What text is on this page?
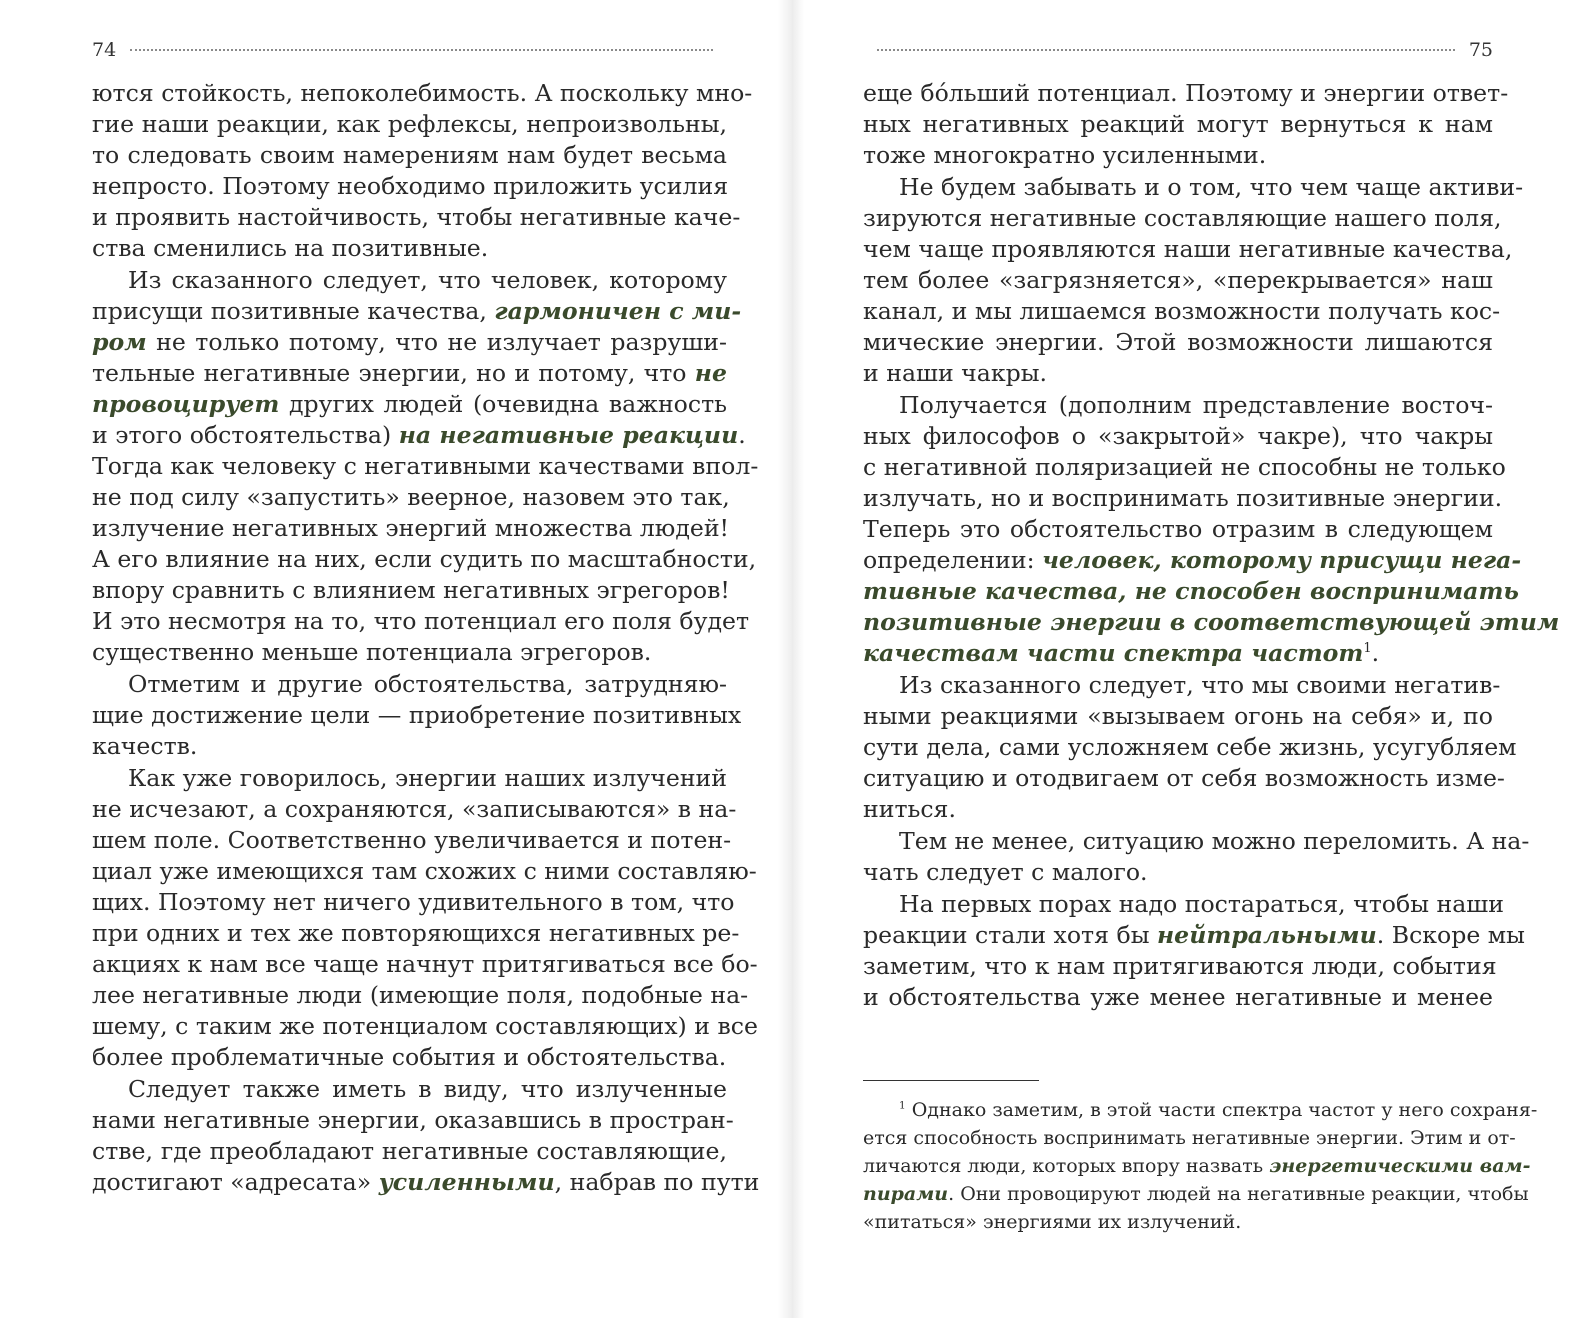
74
ются стойкость, непоколебимость. А поскольку мно-
гие наши реакции, как рефлексы, непроизвольны,
то следовать своим намерениям нам будет весьма
непросто. Поэтому необходимо приложить усилия
и проявить настойчивость, чтобы негативные каче-
ства сменились на позитивные.
Из сказанного следует, что человек, которому
присущи позитивные качества, гармоничен с ми-
ром не только потому, что не излучает разруши-
тельные негативные энергии, но и потому, что не
провоцирует других людей (очевидна важность
и этого обстоятельства) на негативные реакции.
Тогда как человеку с негативными качествами впол-
не под силу «запустить» веерное, назовем это так,
излучение негативных энергий множества людей!
А его влияние на них, если судить по масштабности,
впору сравнить с влиянием негативных эгрегоров!
И это несмотря на то, что потенциал его поля будет
существенно меньше потенциала эгрегоров.
Отметим и другие обстоятельства, затрудняю-
щие достижение цели — приобретение позитивных
качеств.
Как уже говорилось, энергии наших излучений
не исчезают, а сохраняются, «записываются» в на-
шем поле. Соответственно увеличивается и потен-
циал уже имеющихся там схожих с ними составляю-
щих. Поэтому нет ничего удивительного в том, что
при одних и тех же повторяющихся негативных ре-
акциях к нам все чаще начнут притягиваться все бо-
лее негативные люди (имеющие поля, подобные на-
шему, с таким же потенциалом составляющих) и все
более проблематичные события и обстоятельства.
Следует также иметь в виду, что излученные
нами негативные энергии, оказавшись в простран-
стве, где преобладают негативные составляющие,
достигают «адресата» усиленными, набрав по пути
75
еще бóльший потенциал. Поэтому и энергии ответ-
ных негативных реакций могут вернуться к нам
тоже многократно усиленными.
Не будем забывать и о том, что чем чаще активи-
зируются негативные составляющие нашего поля,
чем чаще проявляются наши негативные качества,
тем более «загрязняется», «перекрывается» наш
канал, и мы лишаемся возможности получать кос-
мические энергии. Этой возможности лишаются
и наши чакры.
Получается (дополним представление восточ-
ных философов о «закрытой» чакре), что чакры
с негативной поляризацией не способны не только
излучать, но и воспринимать позитивные энергии.
Теперь это обстоятельство отразим в следующем
определении: человек, которому присущи нега-
тивные качества, не способен воспринимать
позитивные энергии в соответствующей этим
качествам части спектра частот$^1$.
Из сказанного следует, что мы своими негатив-
ными реакциями «вызываем огонь на себя» и, по
сути дела, сами усложняем себе жизнь, усугубляем
ситуацию и отодвигаем от себя возможность изме-
ниться.
Тем не менее, ситуацию можно переломить. А на-
чать следует с малого.
На первых порах надо постараться, чтобы наши
реакции стали хотя бы нейтральными. Вскоре мы
заметим, что к нам притягиваются люди, события
и обстоятельства уже менее негативные и менее
$^1$ Однако заметим, в этой части спектра частот у него сохраня-
ется способность воспринимать негативные энергии. Этим и от-
личаются люди, которых впору назвать энергетическими вам-
пирами. Они провоцируют людей на негативные реакции, чтобы
«питаться» энергиями их излучений.
